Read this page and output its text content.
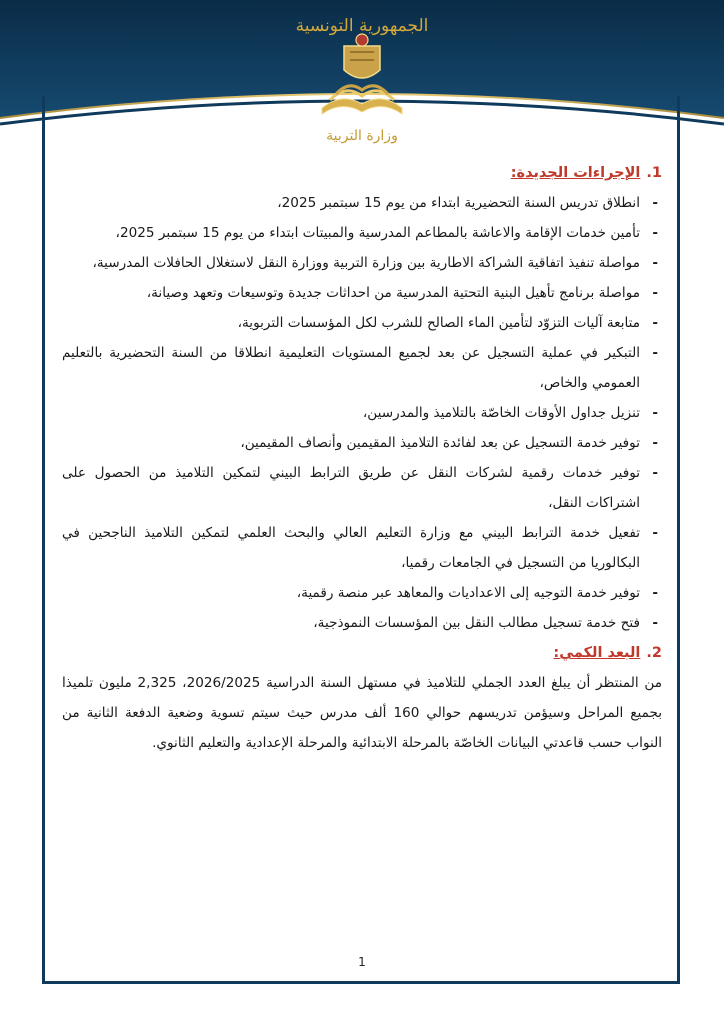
الجمهورية التونسية
وزارة التربية
1.
الإجراءات الجديدة:
- انطلاق تدريس السنة التحضيرية ابتداء من يوم 15 سبتمبر 2025،
- تأمين خدمات الإقامة والاعاشة بالمطاعم المدرسية والمبيتات ابتداء من يوم 15 سبتمبر 2025،
- مواصلة تنفيذ اتفاقية الشراكة الاطارية بين وزارة التربية ووزارة النقل لاستغلال الحافلات المدرسية،
- مواصلة برنامج تأهيل البنية التحتية المدرسية من احداثات جديدة وتوسيعات وتعهد وصيانة،
- متابعة آليات التزوّد لتأمين الماء الصالح للشرب لكل المؤسسات التربوية،
- التبكير في عملية التسجيل عن بعد لجميع المستويات التعليمية انطلاقا من السنة التحضيرية بالتعليم العمومي والخاص،
- تنزيل جداول الأوقات الخاصّة بالتلاميذ والمدرسين،
- توفير خدمة التسجيل عن بعد لفائدة التلاميذ المقيمين وأنصاف المقيمين،
- توفير خدمات رقمية لشركات النقل عن طريق الترابط البيني لتمكين التلاميذ من الحصول على اشتراكات النقل،
- تفعيل خدمة الترابط البيني مع وزارة التعليم العالي والبحث العلمي لتمكين التلاميذ الناجحين في البكالوريا من التسجيل في الجامعات رقميا،
- توفير خدمة التوجيه إلى الاعداديات والمعاهد عبر منصة رقمية،
- فتح خدمة تسجيل مطالب النقل بين المؤسسات النموذجية،
2.
البعد الكمي:

من المنتظر أن يبلغ العدد الجملي للتلاميذ في مستهل السنة الدراسية 2026/2025، 2,325 مليون تلميذا بجميع المراحل وسيؤمن تدريسهم حوالي 160 ألف مدرس حيث سيتم تسوية وضعية الدفعة الثانية من النواب حسب قاعدتي البيانات الخاصّة بالمرحلة الابتدائية والمرحلة الإعدادية والتعليم الثانوي.

1
